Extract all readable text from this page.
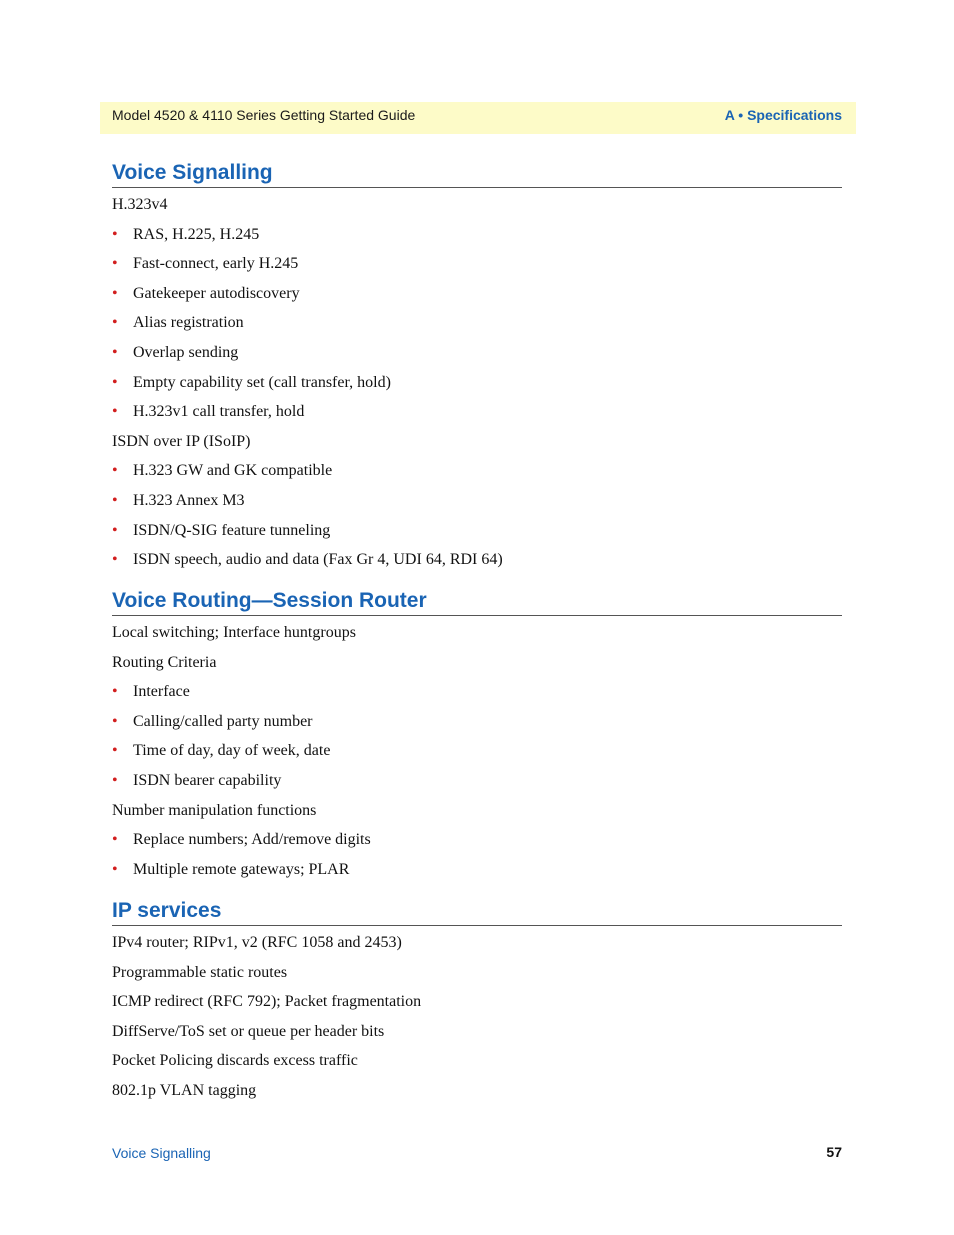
Model 4520 & 4110 Series Getting Started Guide	A • Specifications
Voice Signalling
H.323v4
• RAS, H.225, H.245
• Fast-connect, early H.245
• Gatekeeper autodiscovery
• Alias registration
• Overlap sending
• Empty capability set (call transfer, hold)
• H.323v1 call transfer, hold
ISDN over IP (ISoIP)
• H.323 GW and GK compatible
• H.323 Annex M3
• ISDN/Q-SIG feature tunneling
• ISDN speech, audio and data (Fax Gr 4, UDI 64, RDI 64)
Voice Routing—Session Router
Local switching; Interface huntgroups
Routing Criteria
• Interface
• Calling/called party number
• Time of day, day of week, date
• ISDN bearer capability
Number manipulation functions
• Replace numbers; Add/remove digits
• Multiple remote gateways; PLAR
IP services
IPv4 router; RIPv1, v2 (RFC 1058 and 2453)
Programmable static routes
ICMP redirect (RFC 792); Packet fragmentation
DiffServe/ToS set or queue per header bits
Pocket Policing discards excess traffic
802.1p VLAN tagging
Voice Signalling	57
